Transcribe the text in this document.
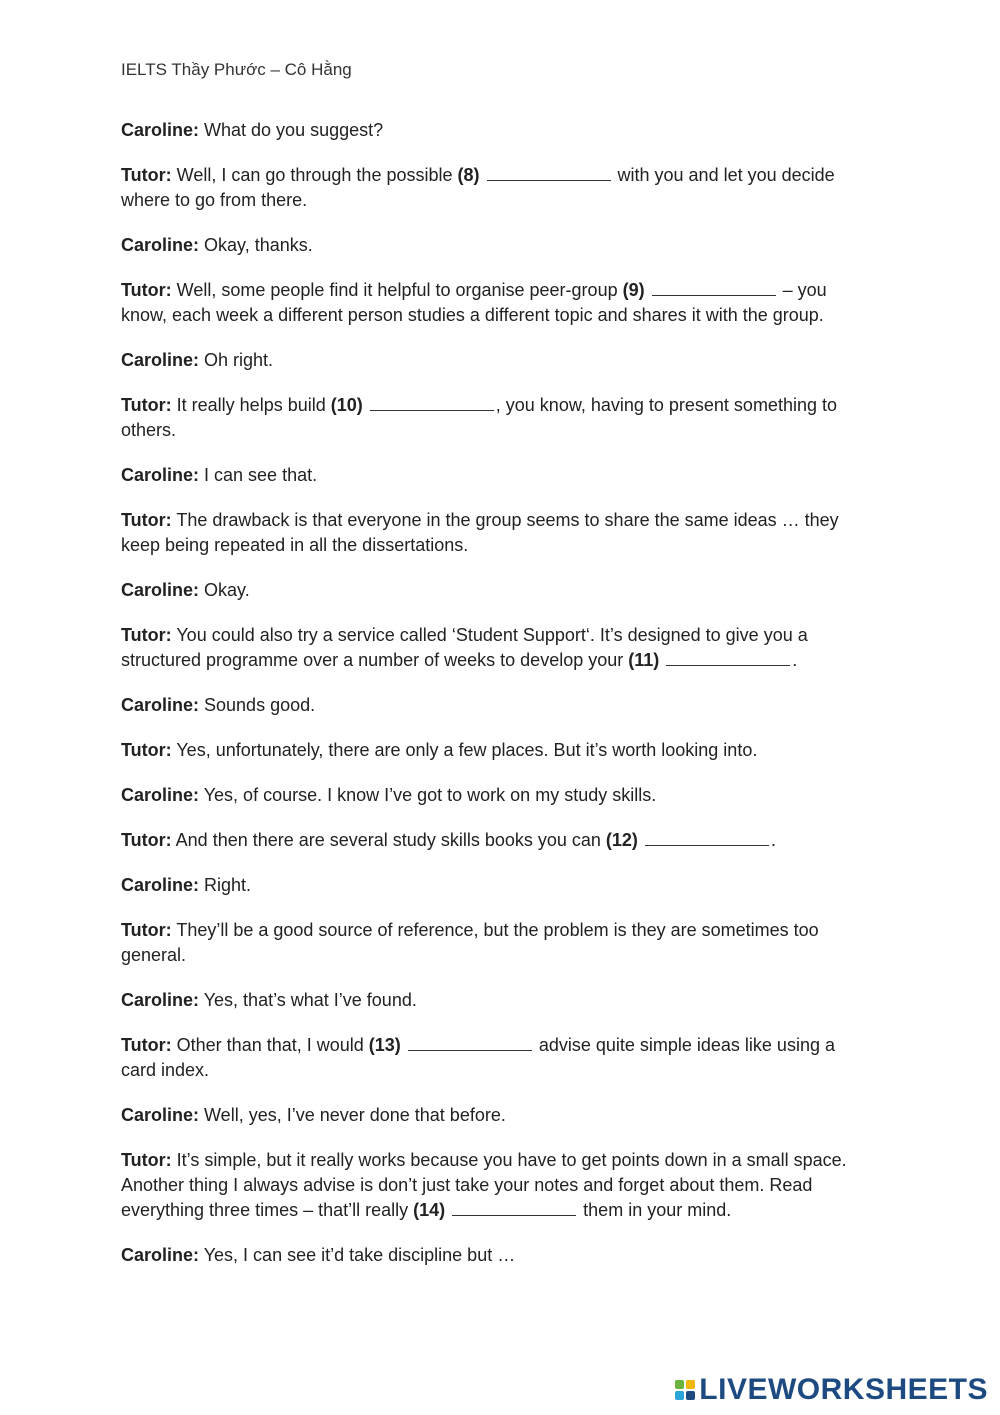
IELTS Thầy Phước – Cô Hằng

Caroline: What do you suggest?

Tutor: Well, I can go through the possible (8)	with you and let you decide where to go from there.

Caroline: Okay, thanks.

Tutor: Well, some people find it helpful to organise peer-group (9)	– you know, each week a different person studies a different topic and shares it with the group.

Caroline: Oh right.

Tutor: It really helps build (10)	, you know, having to present something to others.

Caroline: I can see that.

Tutor: The drawback is that everyone in the group seems to share the same ideas … they keep being repeated in all the dissertations.

Caroline: Okay.

Tutor: You could also try a service called ‘Student Support‘. It’s designed to give you a structured programme over a number of weeks to develop your (11)	.

Caroline: Sounds good.

Tutor: Yes, unfortunately, there are only a few places. But it’s worth looking into.

Caroline: Yes, of course. I know I’ve got to work on my study skills.

Tutor: And then there are several study skills books you can (12)	.

Caroline: Right.

Tutor: They’ll be a good source of reference, but the problem is they are sometimes too general.

Caroline: Yes, that’s what I’ve found.

Tutor: Other than that, I would (13)	advise quite simple ideas like using a card index.

Caroline: Well, yes, I’ve never done that before.

Tutor: It’s simple, but it really works because you have to get points down in a small space. Another thing I always advise is don’t just take your notes and forget about them. Read everything three times – that’ll really (14)	them in your mind.

Caroline: Yes, I can see it’d take discipline but …

LIVEWORKSHEETS
